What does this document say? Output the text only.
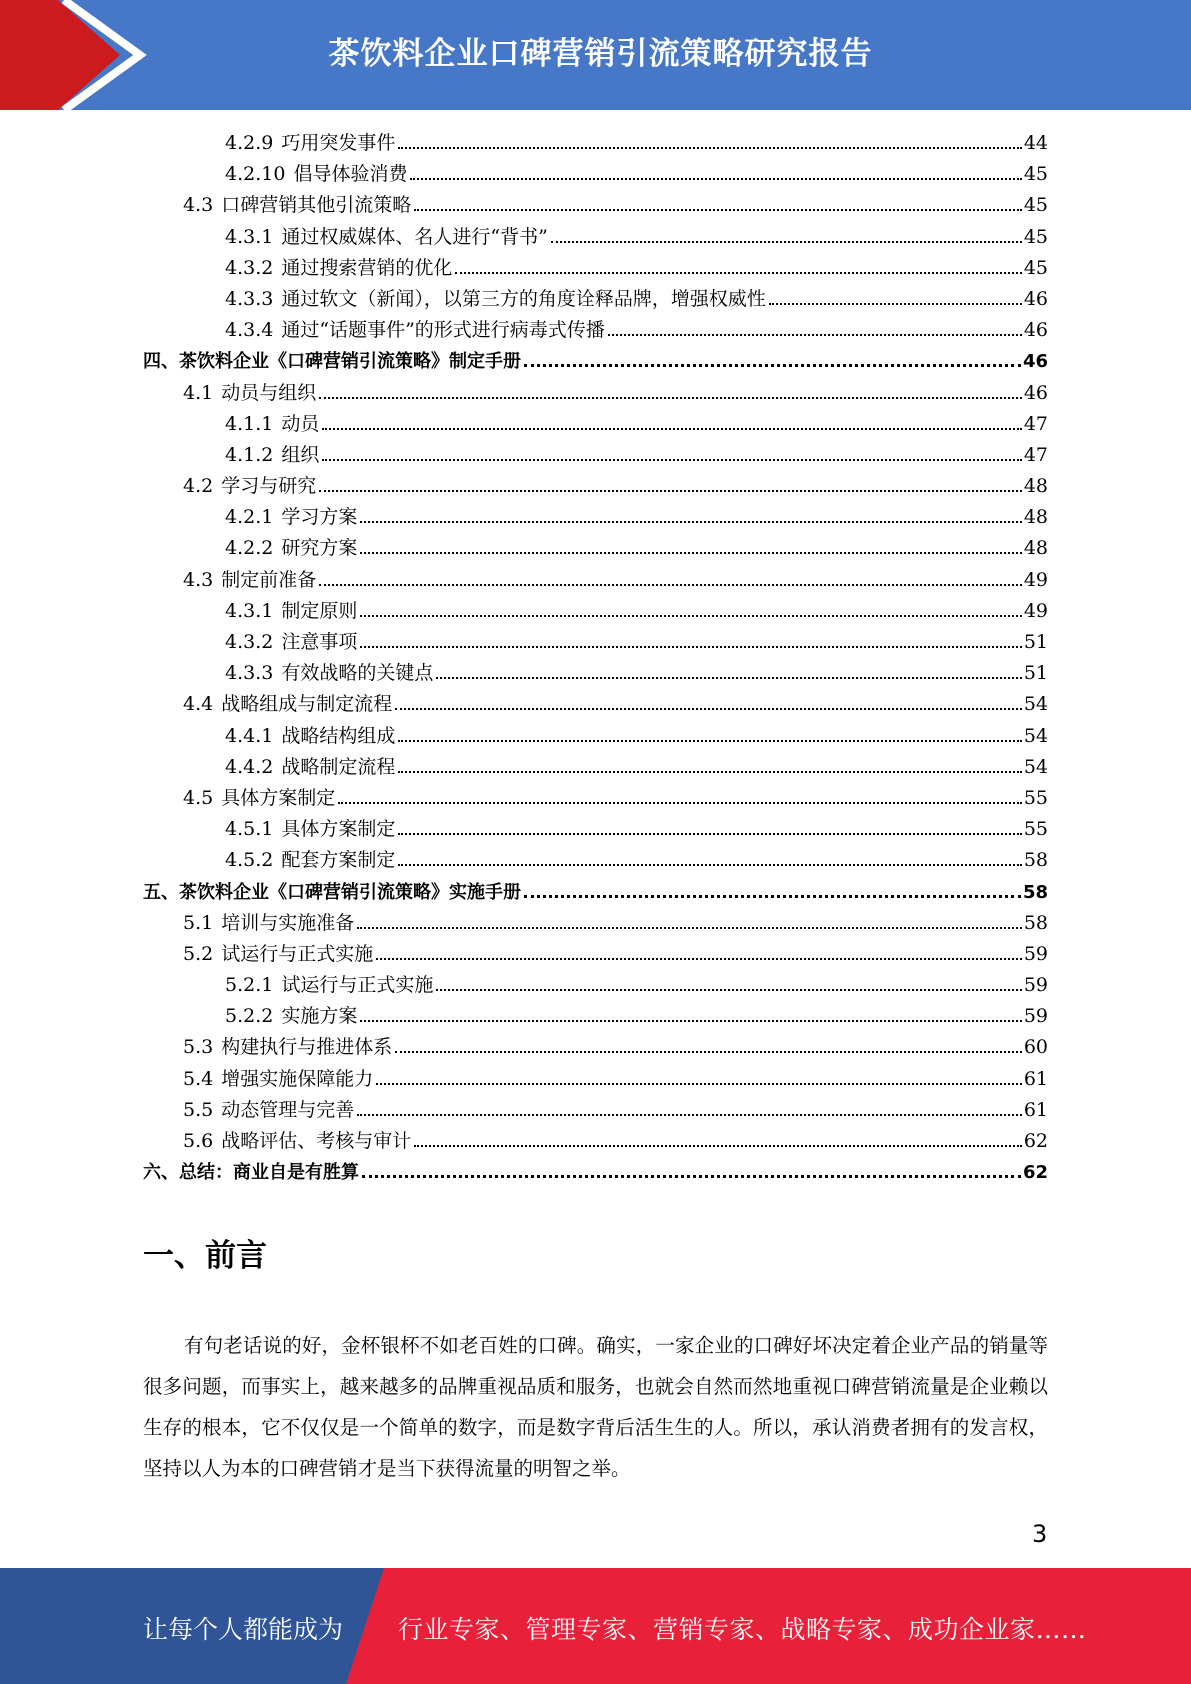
茶饮料企业口碑营销引流策略研究报告
4.2.9 巧用突发事件	44
4.2.10 倡导体验消费	45
4.3 口碑营销其他引流策略	45
4.3.1 通过权威媒体、名人进行“背书”	45
4.3.2 通过搜索营销的优化	45
4.3.3 通过软文（新闻），以第三方的角度诠释品牌，增强权威性	46
4.3.4 通过“话题事件”的形式进行病毒式传播	46
四、茶饮料企业《口碑营销引流策略》制定手册	46
4.1 动员与组织	46
4.1.1 动员	47
4.1.2 组织	47
4.2 学习与研究	48
4.2.1 学习方案	48
4.2.2 研究方案	48
4.3 制定前准备	49
4.3.1 制定原则	49
4.3.2 注意事项	51
4.3.3 有效战略的关键点	51
4.4 战略组成与制定流程	54
4.4.1 战略结构组成	54
4.4.2 战略制定流程	54
4.5 具体方案制定	55
4.5.1 具体方案制定	55
4.5.2 配套方案制定	58
五、茶饮料企业《口碑营销引流策略》实施手册	58
5.1 培训与实施准备	58
5.2 试运行与正式实施	59
5.2.1 试运行与正式实施	59
5.2.2 实施方案	59
5.3 构建执行与推进体系	60
5.4 增强实施保障能力	61
5.5 动态管理与完善	61
5.6 战略评估、考核与审计	62
六、总结：商业自是有胜算	62
一、前言
有句老话说的好，金杯银杯不如老百姓的口碑。确实，一家企业的口碑好坏决定着企业产品的销量等很多问题，而事实上，越来越多的品牌重视品质和服务，也就会自然而然地重视口碑营销流量是企业赖以生存的根本，它不仅仅是一个简单的数字，而是数字背后活生生的人。所以，承认消费者拥有的发言权，坚持以人为本的口碑营销才是当下获得流量的明智之举。
3
让每个人都能成为 行业专家、管理专家、营销专家、战略专家、成功企业家……
